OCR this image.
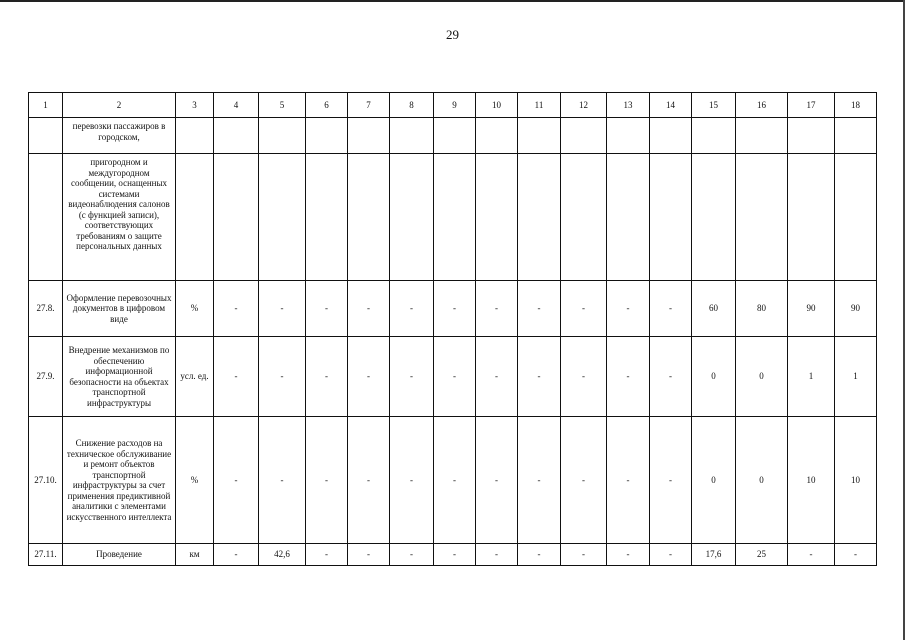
29
1	2	3	4	5	6	7	8	9	10	11	12	13	14	15	16	17	18
	перевозки пассажиров в городском,																
	пригородном и междугородном сообщении, оснащенных системами видеонаблюдения салонов (с функцией записи), соответствующих требованиям о защите персональных данных																
27.8.	Оформление перевозочных документов в цифровом виде	%	-	-	-	-	-	-	-	-	-	-	-	60	80	90	90
27.9.	Внедрение механизмов по обеспечению информационной безопасности на объектах транспортной инфраструктуры	усл. ед.	-	-	-	-	-	-	-	-	-	-	-	0	0	1	1
27.10.	Снижение расходов на техническое обслуживание и ремонт объектов транспортной инфраструктуры за счет применения предиктивной аналитики с элементами искусственного интеллекта	%	-	-	-	-	-	-	-	-	-	-	-	0	0	10	10
27.11.	Проведение	км	-	42,6	-	-	-	-	-	-	-	-	-	17,6	25	-	-
